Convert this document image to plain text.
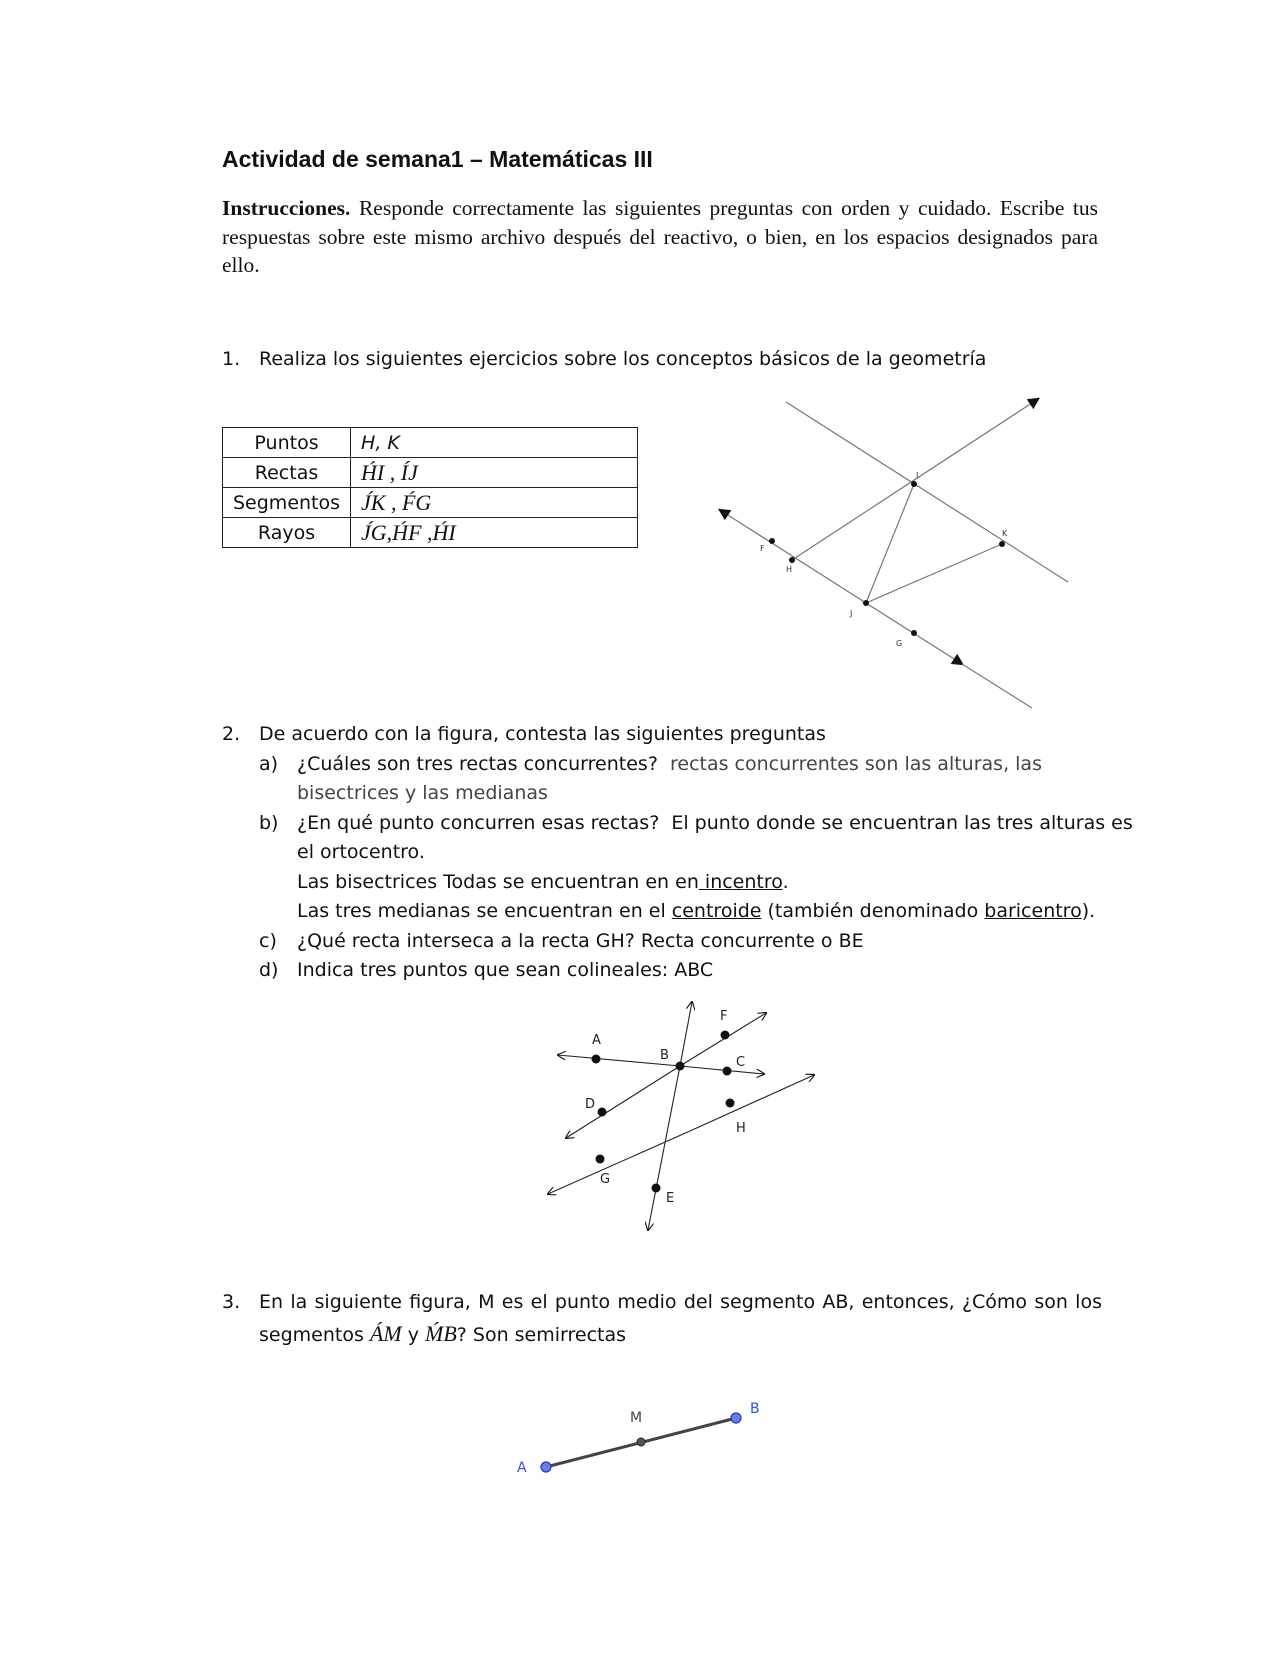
Actividad de semana1 – Matemáticas III
Instrucciones. Responde correctamente las siguientes preguntas con orden y cuidado. Escribe tus respuestas sobre este mismo archivo después del reactivo, o bien, en los espacios designados para ello.
1. Realiza los siguientes ejercicios sobre los conceptos básicos de la geometría
Puntos	H, K
Rectas	H́I , ÍJ
Segmentos	J́K , F́G
Rayos	J́G,H́F ,H́I
F
H
I
J
K
G
2. De acuerdo con la figura, contesta las siguientes preguntas
a) ¿Cuáles son tres rectas concurrentes?  rectas concurrentes son las alturas, las
bisectrices y las medianas
b) ¿En qué punto concurren esas rectas?  El punto donde se encuentran las tres alturas es
el ortocentro.
Las bisectrices Todas se encuentran en en incentro.
Las tres medianas se encuentran en el centroide (también denominado baricentro).
c) ¿Qué recta interseca a la recta GH? Recta concurrente o BE
d) Indica tres puntos que sean colineales: ABC
A
B	C
D
E
F
G
H
3. En la siguiente figura, M es el punto medio del segmento AB, entonces, ¿Cómo son los
segmentos ÁM y ḾB? Son semirrectas
A
M
B
